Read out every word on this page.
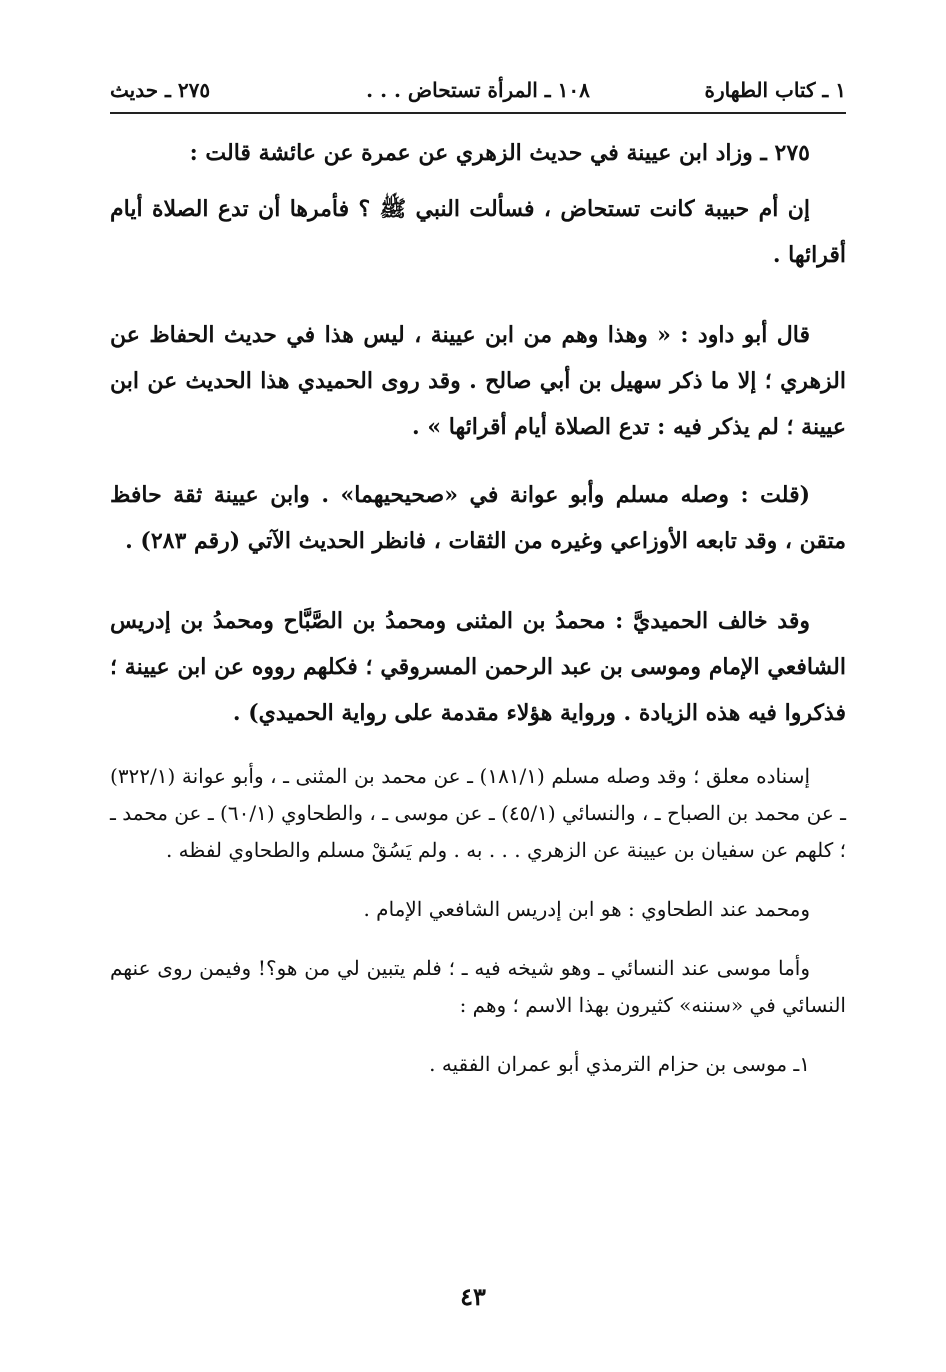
١ ـ كتاب الطهارة
١٠٨ ـ المرأة تستحاض . . .
٢٧٥ ـ حديث

٢٧٥ ـ وزاد ابن عيينة في حديث الزهري عن عمرة عن عائشة قالت :

إن أم حبيبة كانت تستحاض ، فسألت النبي ﷺ ؟ فأمرها أن تدع الصلاة أيام أقرائها .

قال أبو داود : « وهذا وهم من ابن عيينة ، ليس هذا في حديث الحفاظ عن الزهري ؛ إلا ما ذكر سهيل بن أبي صالح . وقد روى الحميدي هذا الحديث عن ابن عيينة ؛ لم يذكر فيه : تدع الصلاة أيام أقرائها » .

(قلت : وصله مسلم وأبو عوانة في «صحيحيهما» . وابن عيينة ثقة حافظ متقن ، وقد تابعه الأوزاعي وغيره من الثقات ، فانظر الحديث الآتي (رقم ٢٨٣) .

وقد خالف الحميديَّ : محمدُ بن المثنى ومحمدُ بن الصَّبَّاح ومحمدُ بن إدريس الشافعي الإمام وموسى بن عبد الرحمن المسروقي ؛ فكلهم رووه عن ابن عيينة ؛ فذكروا فيه هذه الزيادة . ورواية هؤلاء مقدمة على رواية الحميدي) .

إسناده معلق ؛ وقد وصله مسلم (١٨١/١) ـ عن محمد بن المثنى ـ ، وأبو عوانة (٣٢٢/١) ـ عن محمد بن الصباح ـ ، والنسائي (٤٥/١) ـ عن موسى ـ ، والطحاوي (٦٠/١) ـ عن محمد ـ ؛ كلهم عن سفيان بن عيينة عن الزهري . . . به . ولم يَسُقْ مسلم والطحاوي لفظه .

ومحمد عند الطحاوي : هو ابن إدريس الشافعي الإمام .

وأما موسى عند النسائي ـ وهو شيخه فيه ـ ؛ فلم يتبين لي من هو؟! وفيمن روى عنهم النسائي في «سننه» كثيرون بهذا الاسم ؛ وهم :

١ـ موسى بن حزام الترمذي أبو عمران الفقيه .

٤٣
